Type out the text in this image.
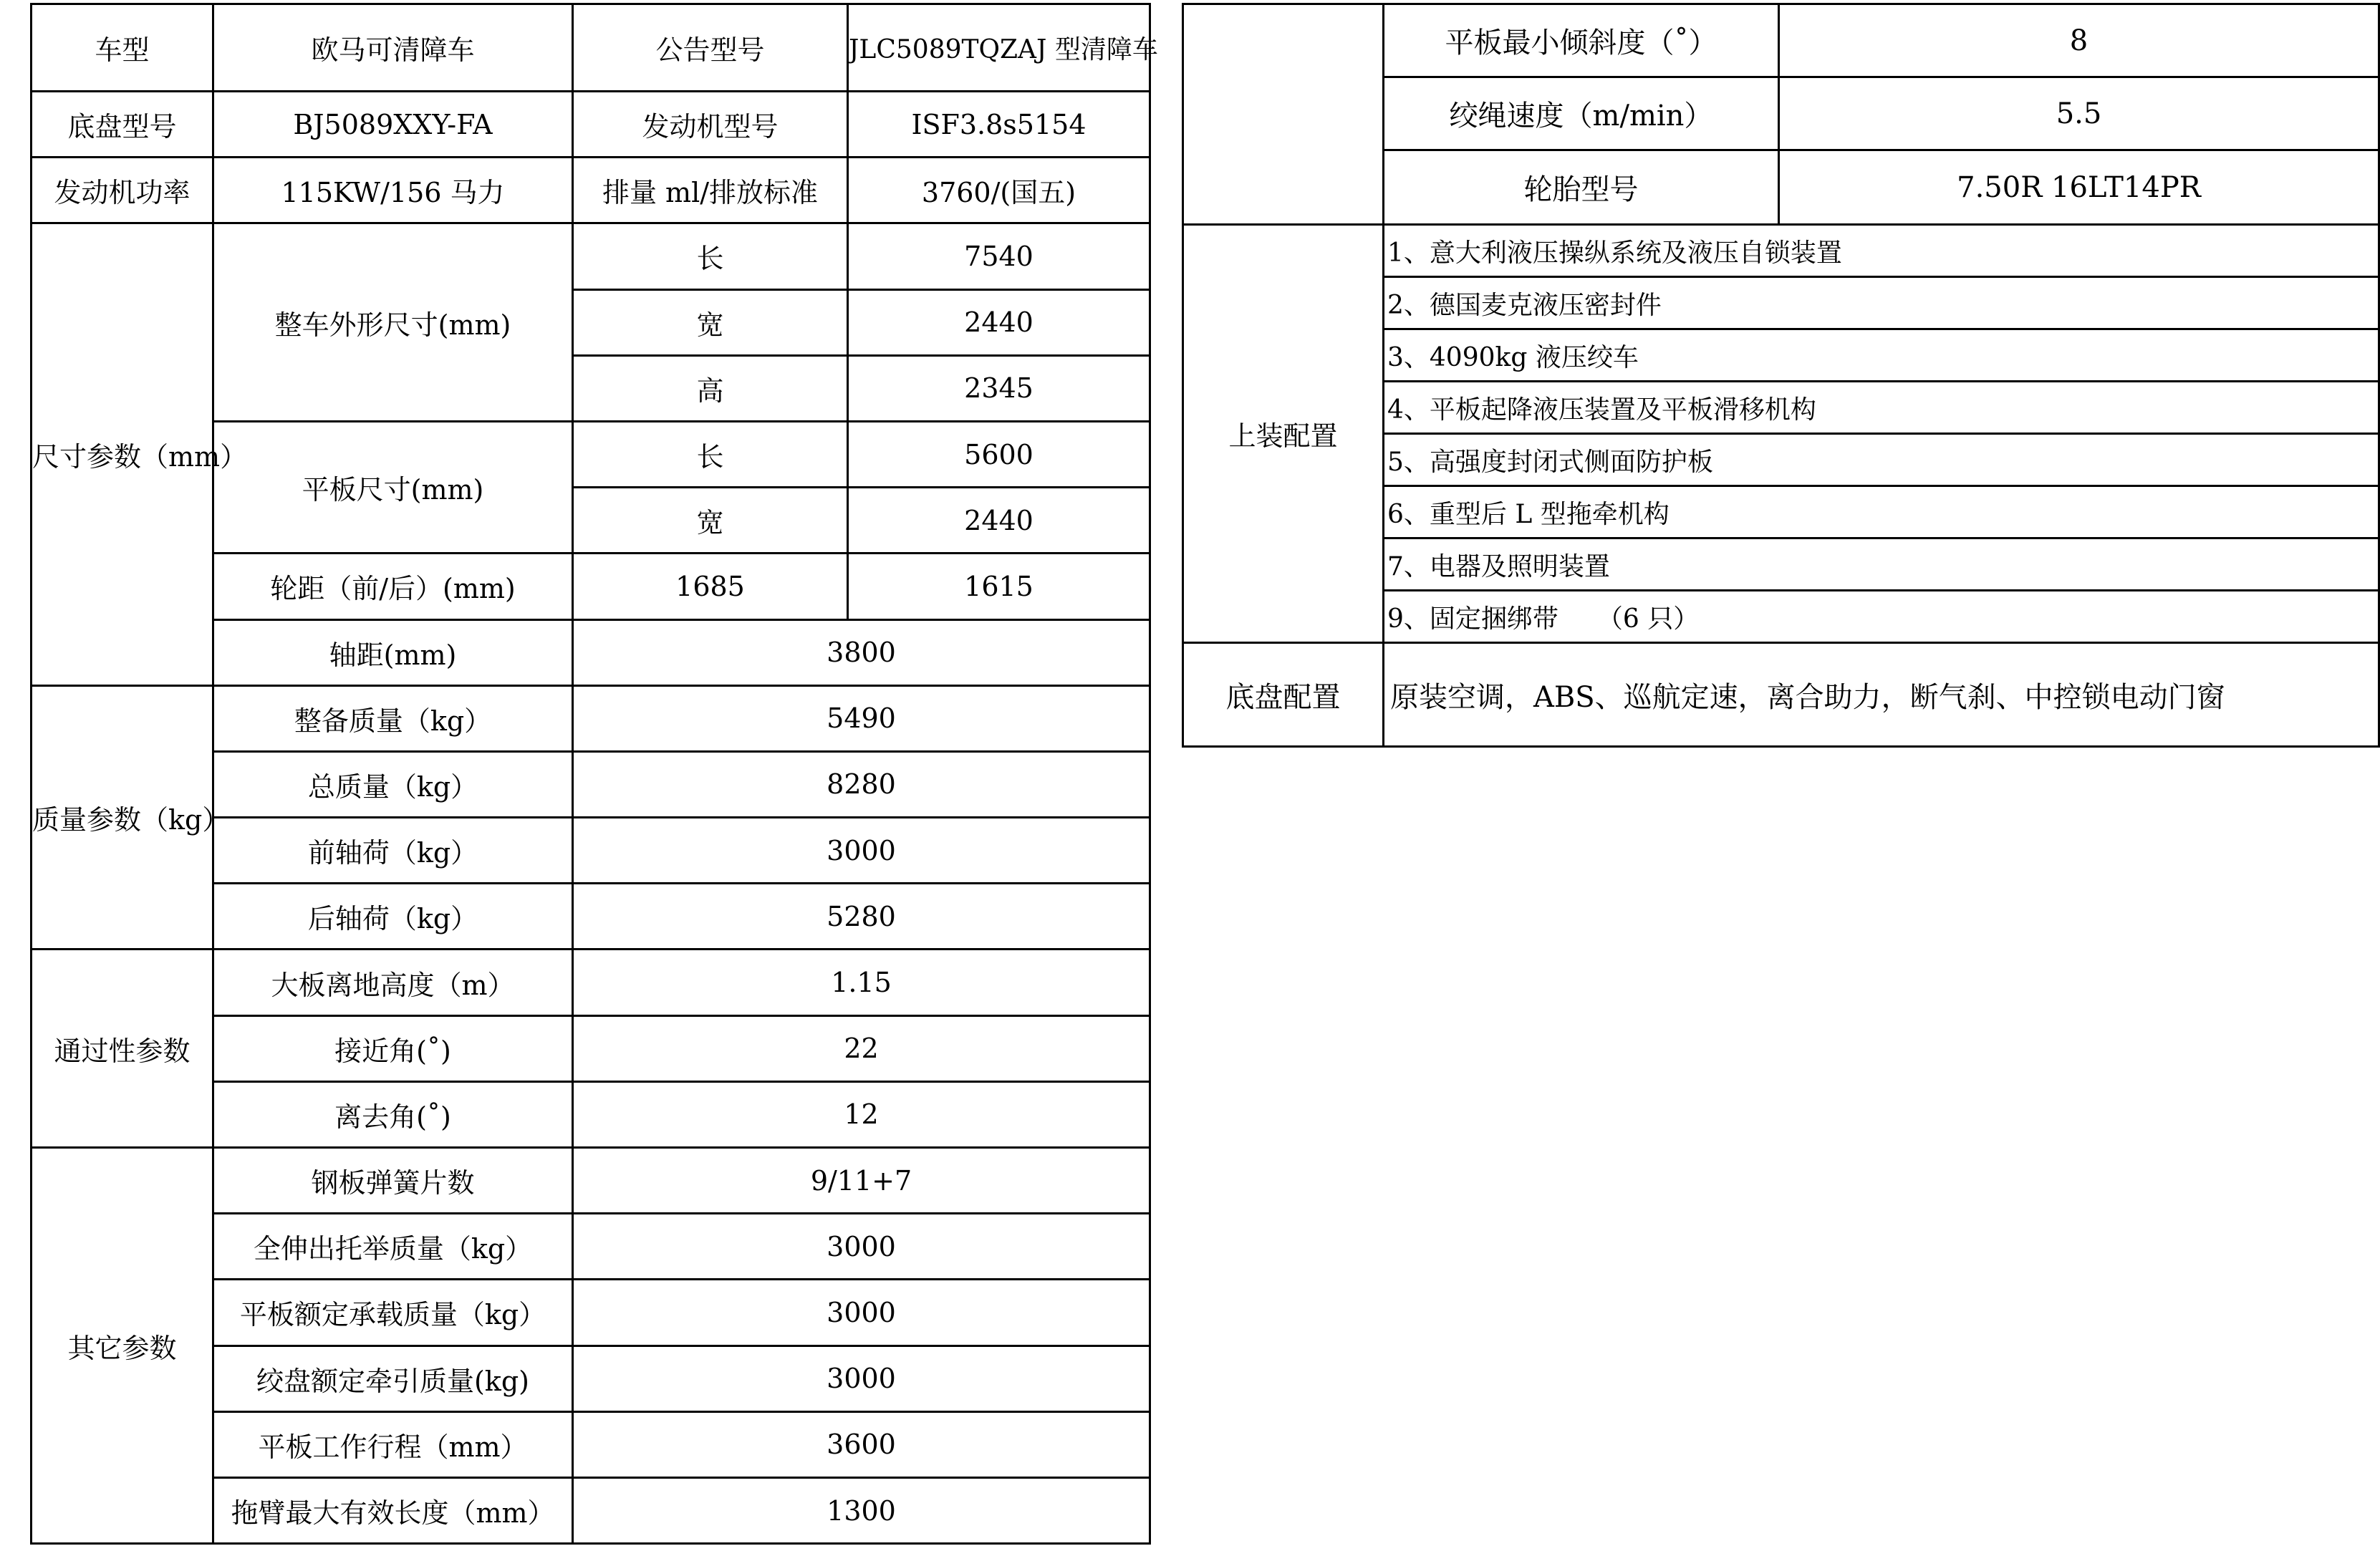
车型	欧马可清障车	公告型号	JLC5089TQZAJ 型清障车
底盘型号	BJ5089XXY-FA	发动机型号	ISF3.8s5154
发动机功率	115KW/156 马力	排量 ml/排放标准	3760/(国五)
尺寸参数（mm）	整车外形尺寸(mm)	长	7540
		宽	2440
		高	2345
	平板尺寸(mm)	长	5600
		宽	2440
	轮距（前/后）(mm)	1685	1615
	轴距(mm)	3800	
质量参数（kg）	整备质量（kg）	5490	
	总质量（kg）	8280	
	前轴荷（kg）	3000	
	后轴荷（kg）	5280	
通过性参数	大板离地高度（m）	1.15	
	接近角(˚)	22	
	离去角(˚)	12	
其它参数	钢板弹簧片数	9/11+7	
	全伸出托举质量（kg）	3000	
	平板额定承载质量（kg）	3000	
	绞盘额定牵引质量(kg)	3000	
	平板工作行程（mm）	3600	
	拖臂最大有效长度（mm）	1300	
	平板最小倾斜度（˚）	8
	绞绳速度（m/min）	5.5
	轮胎型号	7.50R 16LT14PR
上装配置	1、意大利液压操纵系统及液压自锁装置	
	2、德国麦克液压密封件	
	3、4090kg 液压绞车	
	4、平板起降液压装置及平板滑移机构	
	5、高强度封闭式侧面防护板	
	6、重型后 L 型拖牵机构	
	7、电器及照明装置	
	9、固定捆绑带　　（6 只）	
底盘配置	原装空调，ABS、巡航定速，离合助力，断气刹、中控锁电动门窗	
